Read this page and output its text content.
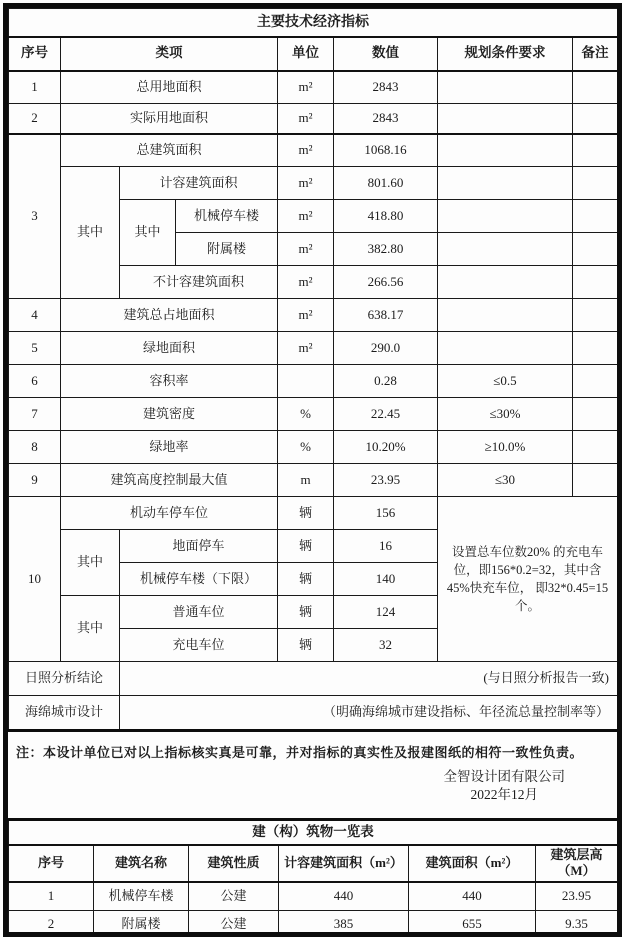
主要技术经济指标							
序号	类项			单位	数值	规划条件要求	备注
1	总用地面积			m²	2843		
2	实际用地面积			m²	2843		
3	总建筑面积			m²	1068.16		
	其中	计容建筑面积		m²	801.60		
		其中	机械停车楼	m²	418.80		
			附属楼	m²	382.80		
		不计容建筑面积		m²	266.56		
4	建筑总占地面积			m²	638.17		
5	绿地面积			m²	290.0		
6	容积率				0.28	≤0.5	
7	建筑密度			%	22.45	≤30%	
8	绿地率			%	10.20%	≥10.0%	
9	建筑高度控制最大值			m	23.95	≤30	
10	机动车停车位			辆	156	设置总车位数20% 的充电车位，即156*0.2=32，其中含45%快充车位， 即32*0.45=15个。	
	其中	地面停车		辆	16		
		机械停车楼（下限）		辆	140		
	其中	普通车位		辆	124		
		充电车位		辆	32		
日照分析结论		(与日照分析报告一致)					
海绵城市设计		（明确海绵城市建设指标、年径流总量控制率等）					
注：本设计单位已对以上指标核实真是可靠，并对指标的真实性及报建图纸的相符一致性负责。
全智设计团有限公司
2022年12月
建（构）筑物一览表					
序号	建筑名称	建筑性质	计容建筑面积（m²）	建筑面积（m²）	建筑层高（M）
1	机械停车楼	公建	440	440	23.95
2	附属楼	公建	385	655	9.35
